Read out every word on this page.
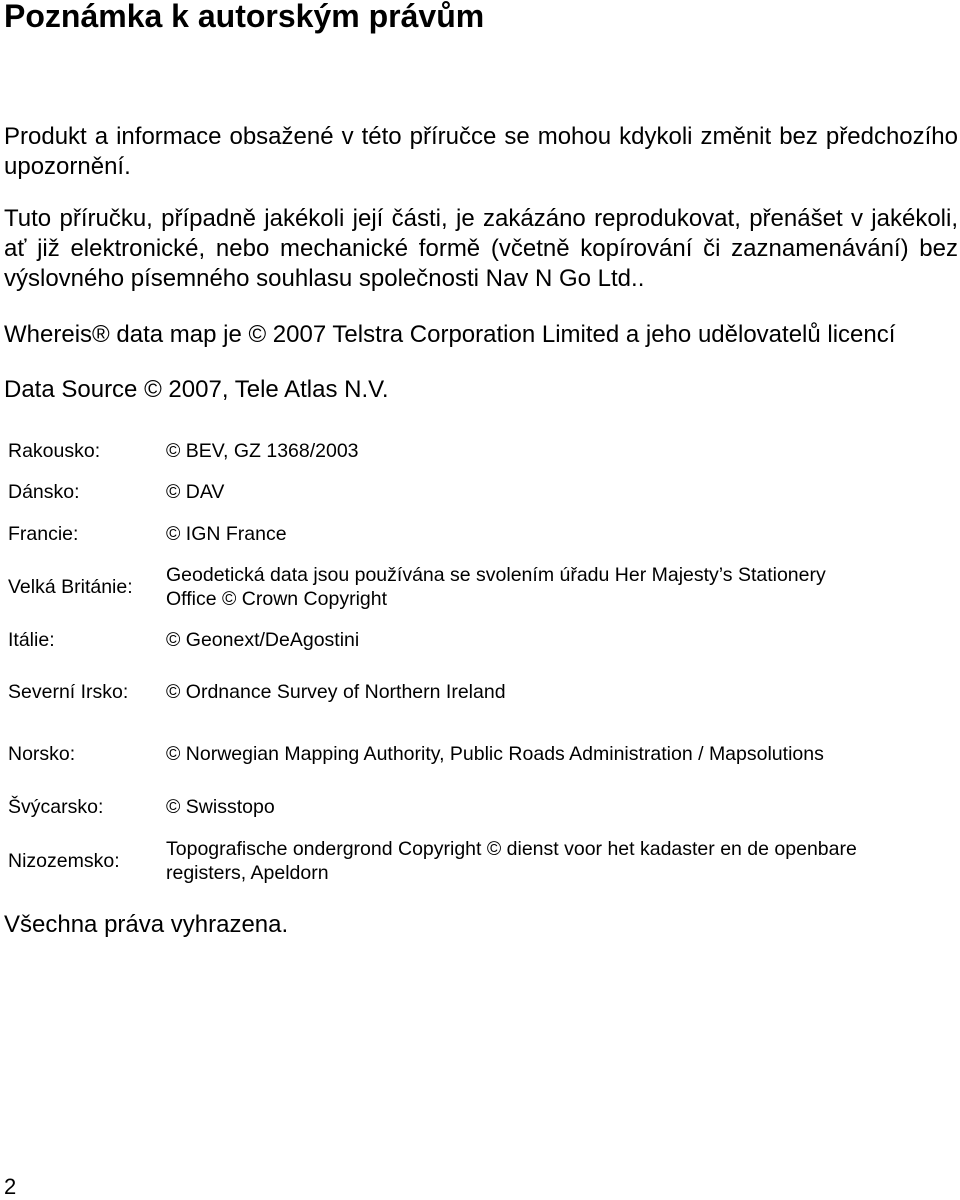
Poznámka k autorským právům

Produkt a informace obsažené v této příručce se mohou kdykoli změnit bez předchozího upozornění.

Tuto příručku, případně jakékoli její části, je zakázáno reprodukovat, přenášet v jakékoli, ať již elektronické, nebo mechanické formě (včetně kopírování či zaznamenávání) bez výslovného písemného souhlasu společnosti Nav N Go Ltd..

Whereis® data map je © 2007 Telstra Corporation Limited a jeho udělovatelů licencí

Data Source © 2007, Tele Atlas N.V.

Rakousko:	© BEV, GZ 1368/2003
Dánsko:	© DAV
Francie:	© IGN France
Velká Británie:	Geodetická data jsou používána se svolením úřadu Her Majesty’s Stationery Office © Crown Copyright
Itálie:	© Geonext/DeAgostini
Severní Irsko:	© Ordnance Survey of Northern Ireland
Norsko:	© Norwegian Mapping Authority, Public Roads Administration / Mapsolutions
Švýcarsko:	© Swisstopo
Nizozemsko:	Topografische ondergrond Copyright © dienst voor het kadaster en de openbare registers, Apeldorn

Všechna práva vyhrazena.

2
